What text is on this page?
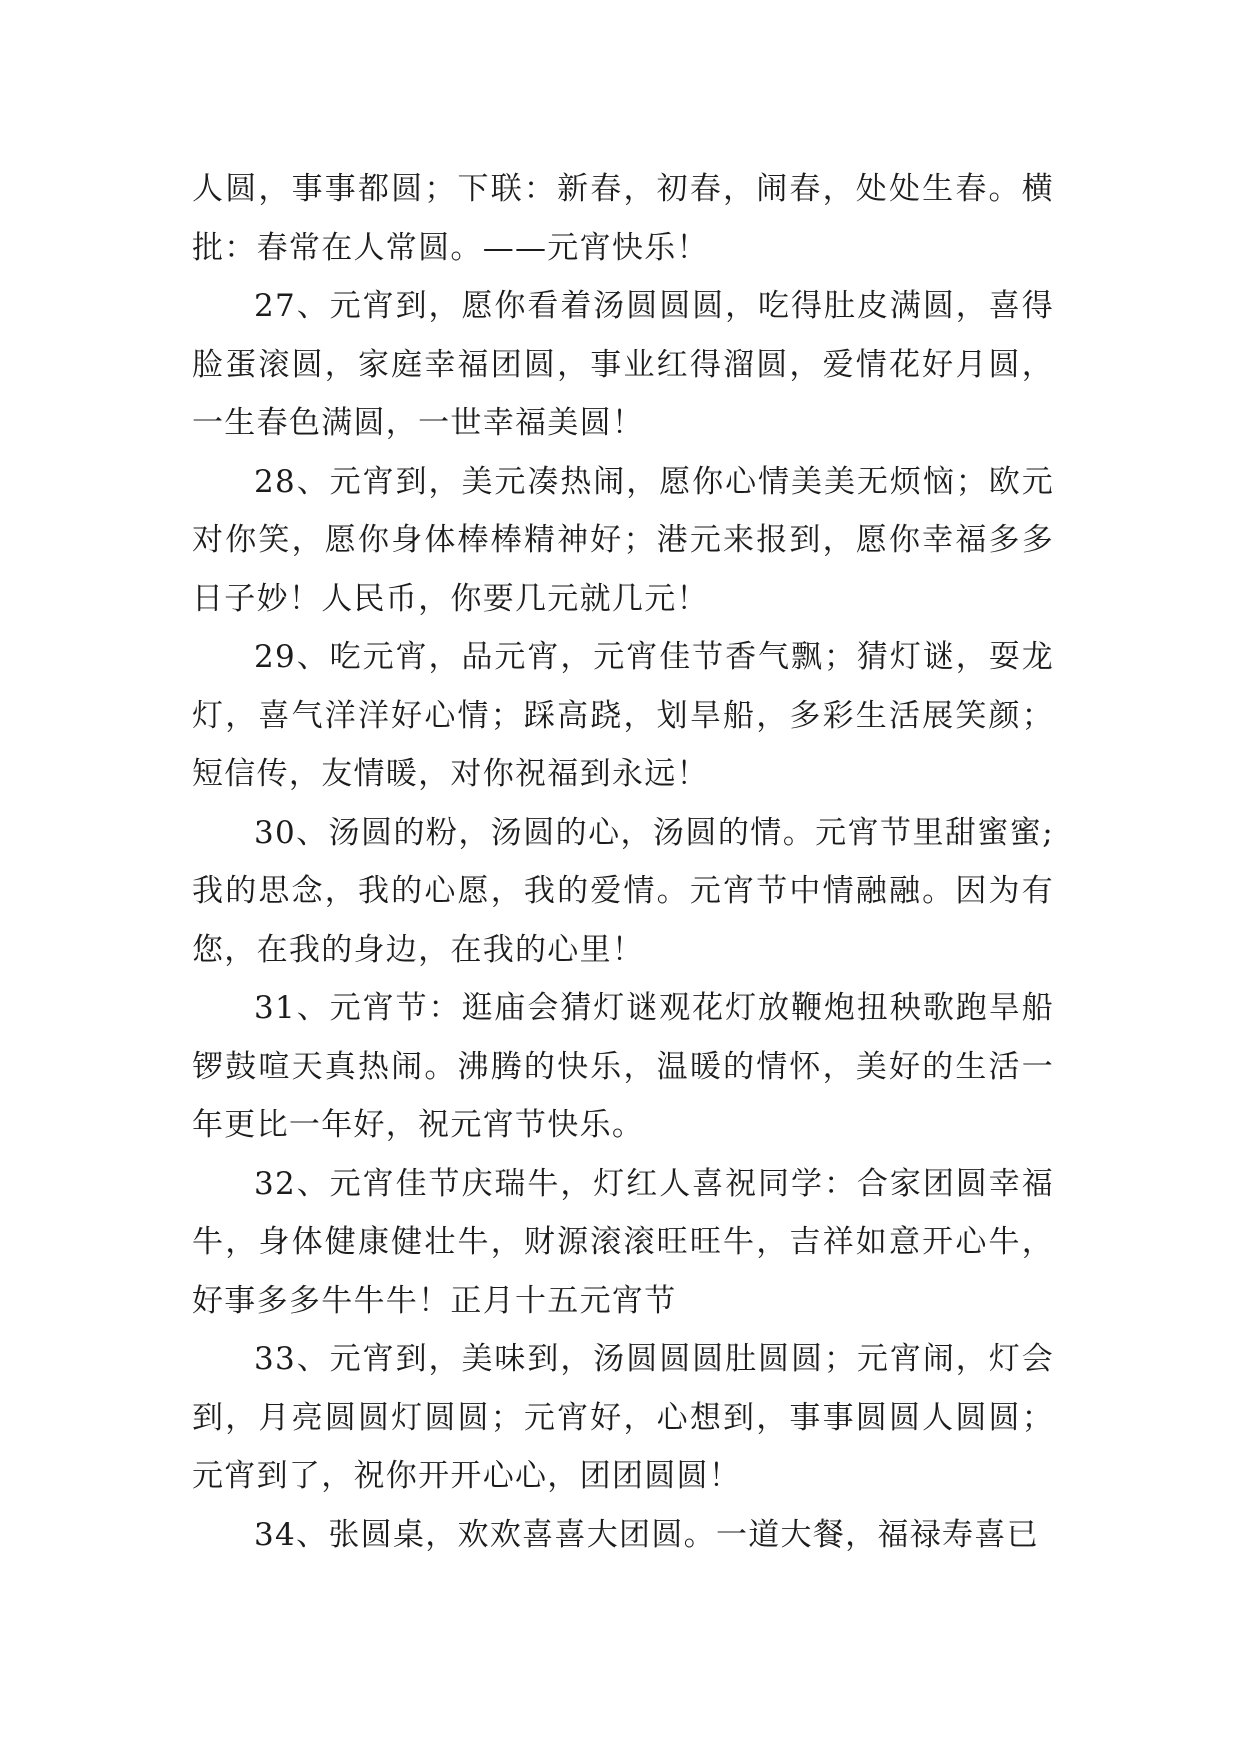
人圆，事事都圆；下联：新春，初春，闹春，处处生春。横批：春常在人常圆。——元宵快乐！

27、元宵到，愿你看着汤圆圆圆，吃得肚皮满圆，喜得脸蛋滚圆，家庭幸福团圆，事业红得溜圆，爱情花好月圆，一生春色满圆，一世幸福美圆！

28、元宵到，美元凑热闹，愿你心情美美无烦恼；欧元对你笑，愿你身体棒棒精神好；港元来报到，愿你幸福多多日子妙！人民币，你要几元就几元！

29、吃元宵，品元宵，元宵佳节香气飘；猜灯谜，耍龙灯，喜气洋洋好心情；踩高跷，划旱船，多彩生活展笑颜；短信传，友情暖，对你祝福到永远！

30、汤圆的粉，汤圆的心，汤圆的情。元宵节里甜蜜蜜;我的思念，我的心愿，我的爱情。元宵节中情融融。因为有您，在我的身边，在我的心里！

31、元宵节：逛庙会猜灯谜观花灯放鞭炮扭秧歌跑旱船锣鼓喧天真热闹。沸腾的快乐，温暖的情怀，美好的生活一年更比一年好，祝元宵节快乐。

32、元宵佳节庆瑞牛，灯红人喜祝同学：合家团圆幸福牛，身体健康健壮牛，财源滚滚旺旺牛，吉祥如意开心牛，好事多多牛牛牛！正月十五元宵节

33、元宵到，美味到，汤圆圆圆肚圆圆；元宵闹，灯会到，月亮圆圆灯圆圆；元宵好，心想到，事事圆圆人圆圆；元宵到了，祝你开开心心，团团圆圆！

34、张圆桌，欢欢喜喜大团圆。一道大餐，福禄寿喜已
